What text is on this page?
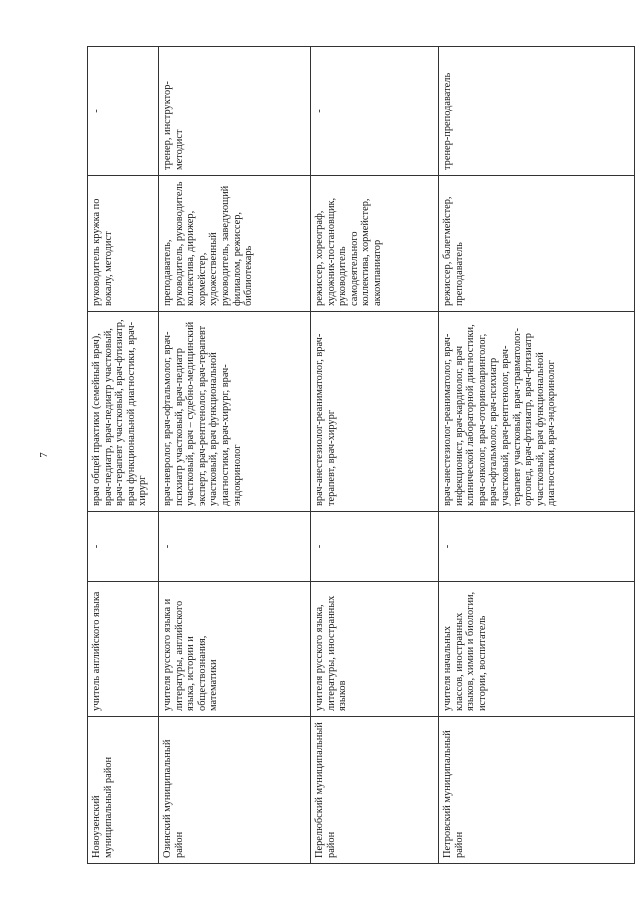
7
Новоузенский муниципальный район	учитель английского языка	-	врач общей практики (семейный врач), врач-педиатр, врач-педиатр участковый, врач-терапевт участковый, врач-фтизиатр, врач функциональной диагностики, врач-хирург	руководитель кружка по вокалу, методист	-
Озинский муниципальный район	учителя русского языка и литературы, английского языка, истории и обществознания, математики	-	врач-невролог, врач-офтальмолог, врач-психиатр участковый, врач-педиатр участковый, врач – судебно-медицинский эксперт, врач-рентгенолог, врач-терапевт участковый, врач функциональной диагностики, врач-хирург, врач-эндокринолог	преподаватель, руководитель, руководитель коллектива, дирижер, хормейстер, художественный руководитель, заведующий филиалом, режиссер, библиотекарь	тренер, инструктор-методист
Перелюбский муниципальный район	учителя русского языка, литературы, иностранных языков	-	врач-анестезиолог-реаниматолог, врач-терапевт, врач-хирург	режиссер, хореограф, художник-постановщик, руководитель самодеятельного коллектива, хормейстер, аккомпаниатор	-
Петровский муниципальный район	учителя начальных классов, иностранных языков, химии и биологии, истории, воспитатель	-	врач-анестезиолог-реаниматолог, врач-инфекционист, врач-кардиолог, врач клинической лабораторной диагностики, врач-онколог, врач-оториноларинголог, врач-офтальмолог, врач-психиатр участковый, врач-рентгенолог, врач-терапевт участковый, врач-травматолог-ортопед, врач-фтизиатр, врач-фтизиатр участковый, врач функциональной диагностики, врач-эндокринолог	режиссер, балетмейстер, преподаватель	тренер-преподаватель
